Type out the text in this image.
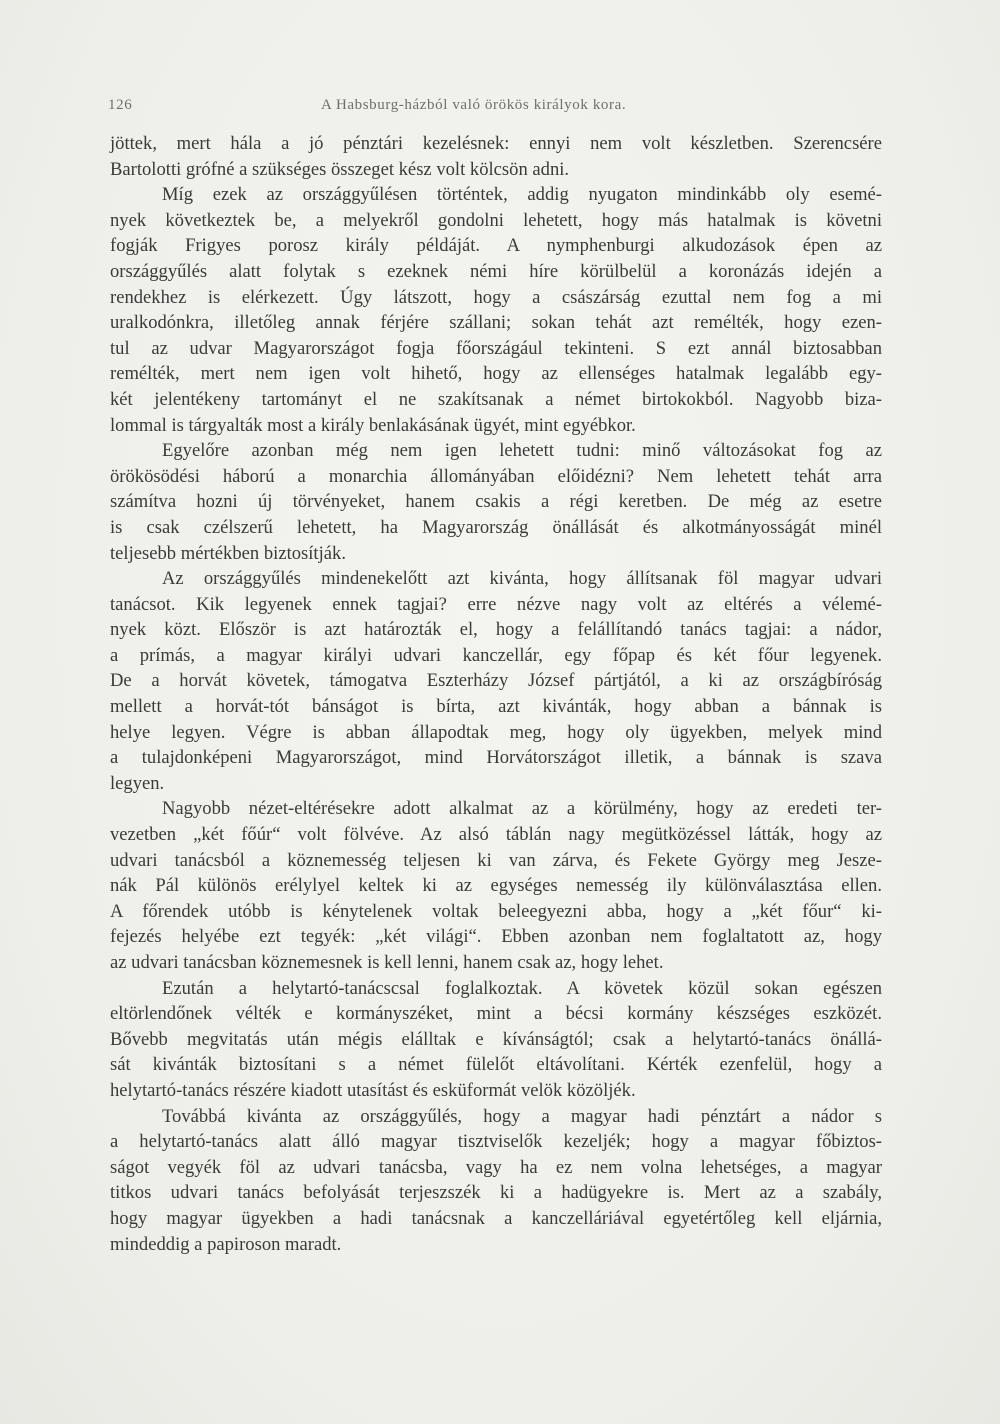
126	A Habsburg-házból való örökös királyok kora.
jöttek, mert hála a jó pénztári kezelésnek: ennyi nem volt készletben. Szerencsére
Bartolotti grófné a szükséges összeget kész volt kölcsön adni.
Míg ezek az országgyűlésen történtek, addig nyugaton mindinkább oly esemé-
nyek következtek be, a melyekről gondolni lehetett, hogy más hatalmak is követni
fogják Frigyes porosz király példáját. A nymphenburgi alkudozások épen az
országgyűlés alatt folytak s ezeknek némi híre körülbelül a koronázás idején a
rendekhez is elérkezett. Úgy látszott, hogy a császárság ezuttal nem fog a mi
uralkodónkra, illetőleg annak férjére szállani; sokan tehát azt remélték, hogy ezen-
tul az udvar Magyarországot fogja főországául tekinteni. S ezt annál biztosabban
remélték, mert nem igen volt hihető, hogy az ellenséges hatalmak legalább egy-
két jelentékeny tartományt el ne szakítsanak a német birtokokból. Nagyobb biza-
lommal is tárgyalták most a király benlakásának ügyét, mint egyébkor.
Egyelőre azonban még nem igen lehetett tudni: minő változásokat fog az
örökösödési háború a monarchia állományában előidézni? Nem lehetett tehát arra
számítva hozni új törvényeket, hanem csakis a régi keretben. De még az esetre
is csak czélszerű lehetett, ha Magyarország önállását és alkotmányosságát minél
teljesebb mértékben biztosítják.
Az országgyűlés mindenekelőtt azt kivánta, hogy állítsanak föl magyar udvari
tanácsot. Kik legyenek ennek tagjai? erre nézve nagy volt az eltérés a vélemé-
nyek közt. Először is azt határozták el, hogy a felállítandó tanács tagjai: a nádor,
a prímás, a magyar királyi udvari kanczellár, egy főpap és két főur legyenek.
De a horvát követek, támogatva Eszterházy József pártjától, a ki az országbíróság
mellett a horvát-tót bánságot is bírta, azt kivánták, hogy abban a bánnak is
helye legyen. Végre is abban állapodtak meg, hogy oly ügyekben, melyek mind
a tulajdonképeni Magyarországot, mind Horvátországot illetik, a bánnak is szava
legyen.
Nagyobb nézet-eltérésekre adott alkalmat az a körülmény, hogy az eredeti ter-
vezetben „két főúr“ volt fölvéve. Az alsó táblán nagy megütközéssel látták, hogy az
udvari tanácsból a köznemesség teljesen ki van zárva, és Fekete György meg Jesze-
nák Pál különös erélylyel keltek ki az egységes nemesség ily különválasztása ellen.
A főrendek utóbb is kénytelenek voltak beleegyezni abba, hogy a „két főur“ ki-
fejezés helyébe ezt tegyék: „két világi“. Ebben azonban nem foglaltatott az, hogy
az udvari tanácsban köznemesnek is kell lenni, hanem csak az, hogy lehet.
Ezután a helytartó-tanácscsal foglalkoztak. A követek közül sokan egészen
eltörlendőnek vélték e kormányszéket, mint a bécsi kormány készséges eszközét.
Bővebb megvitatás után mégis elálltak e kívánságtól; csak a helytartó-tanács önállá-
sát kivánták biztosítani s a német fülelőt eltávolítani. Kérték ezenfelül, hogy a
helytartó-tanács részére kiadott utasítást és esküformát velök közöljék.
Továbbá kivánta az országgyűlés, hogy a magyar hadi pénztárt a nádor s
a helytartó-tanács alatt álló magyar tisztviselők kezeljék; hogy a magyar főbiztos-
ságot vegyék föl az udvari tanácsba, vagy ha ez nem volna lehetséges, a magyar
titkos udvari tanács befolyását terjeszszék ki a hadügyekre is. Mert az a szabály,
hogy magyar ügyekben a hadi tanácsnak a kanczelláriával egyetértőleg kell eljárnia,
mindeddig a papiroson maradt.
